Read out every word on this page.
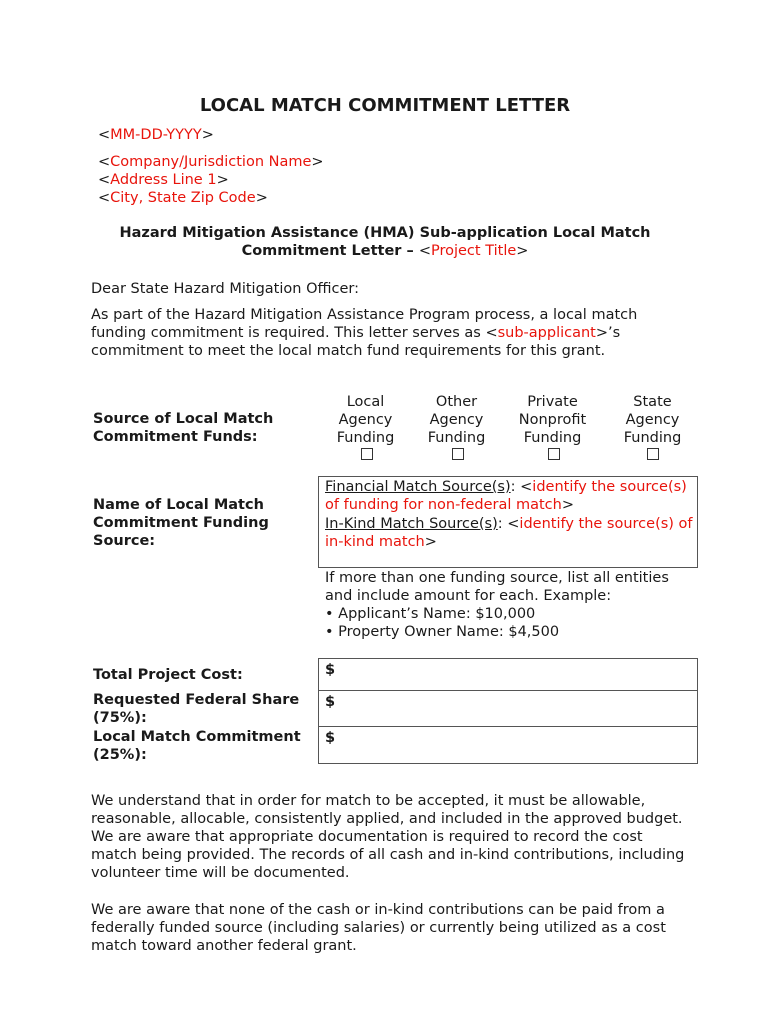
LOCAL MATCH COMMITMENT LETTER
<MM-DD-YYYY>
<Company/Jurisdiction Name>
<Address Line 1>
<City, State Zip Code>
Hazard Mitigation Assistance (HMA) Sub-application Local Match Commitment Letter – <Project Title>
Dear State Hazard Mitigation Officer:
As part of the Hazard Mitigation Assistance Program process, a local match funding commitment is required. This letter serves as <sub-applicant>’s commitment to meet the local match fund requirements for this grant.
Source of Local Match Commitment Funds:
Local Agency Funding
Other Agency Funding
Private Nonprofit Funding
State Agency Funding
Name of Local Match Commitment Funding Source:
Financial Match Source(s): <identify the source(s) of funding for non-federal match>
In-Kind Match Source(s): <identify the source(s) of in-kind match>
If more than one funding source, list all entities and include amount for each. Example:
• Applicant’s Name: $10,000
• Property Owner Name: $4,500
Total Project Cost:
Requested Federal Share (75%):
Local Match Commitment (25%):
$
$
$
We understand that in order for match to be accepted, it must be allowable, reasonable, allocable, consistently applied, and included in the approved budget. We are aware that appropriate documentation is required to record the cost match being provided. The records of all cash and in-kind contributions, including volunteer time will be documented.
We are aware that none of the cash or in-kind contributions can be paid from a federally funded source (including salaries) or currently being utilized as a cost match toward another federal grant.
